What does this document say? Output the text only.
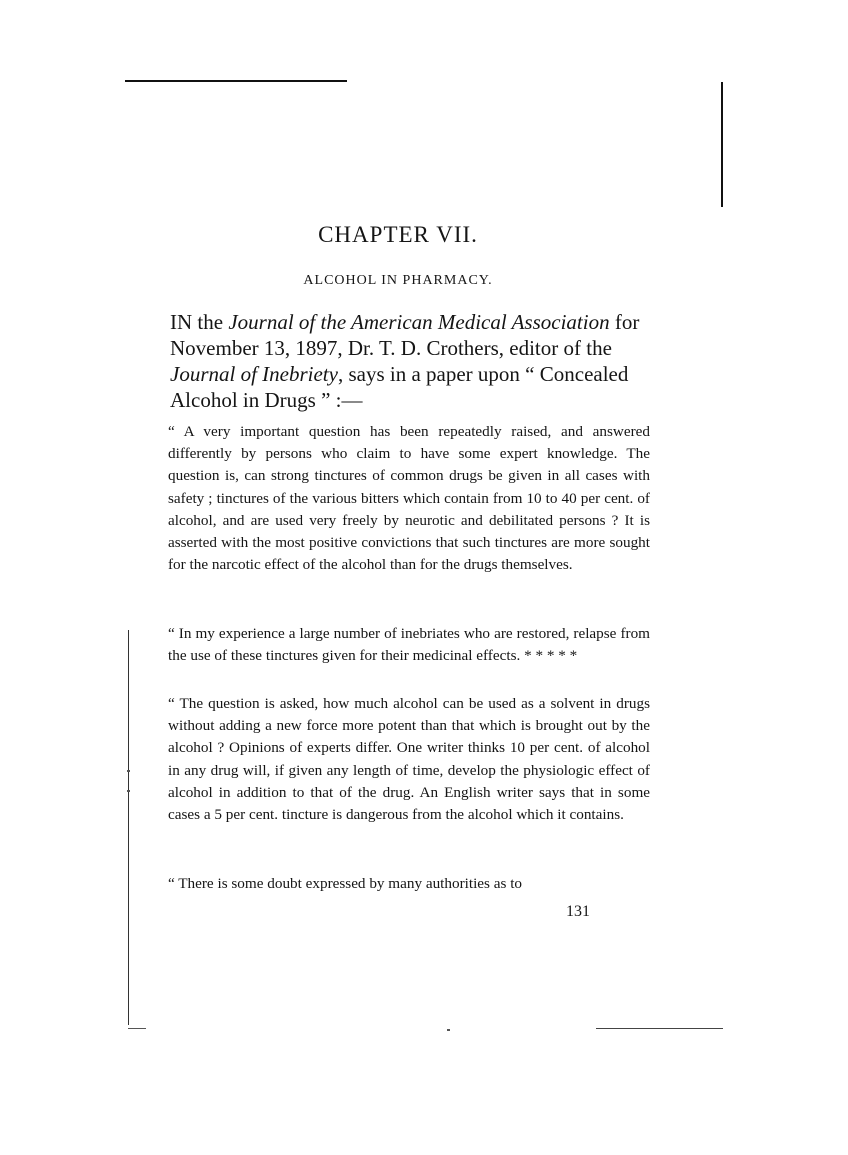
CHAPTER VII.
ALCOHOL IN PHARMACY.

IN the Journal of the American Medical Association for November 13, 1897, Dr. T. D. Crothers, editor of the Journal of Inebriety, says in a paper upon “ Concealed Alcohol in Drugs ” :—

“ A very important question has been repeatedly raised, and answered differently by persons who claim to have some expert knowledge. The question is, can strong tinctures of common drugs be given in all cases with safety ; tinctures of the various bitters which contain from 10 to 40 per cent. of alcohol, and are used very freely by neurotic and debilitated persons ? It is asserted with the most positive convictions that such tinctures are more sought for the narcotic effect of the alcohol than for the drugs themselves.

“ In my experience a large number of inebriates who are restored, relapse from the use of these tinctures given for their medicinal effects. * * * * *

“ The question is asked, how much alcohol can be used as a solvent in drugs without adding a new force more potent than that which is brought out by the alcohol ? Opinions of experts differ. One writer thinks 10 per cent. of alcohol in any drug will, if given any length of time, develop the physiologic effect of alcohol in addition to that of the drug. An English writer says that in some cases a 5 per cent. tincture is dangerous from the alcohol which it contains.

“ There is some doubt expressed by many authorities as to

131
